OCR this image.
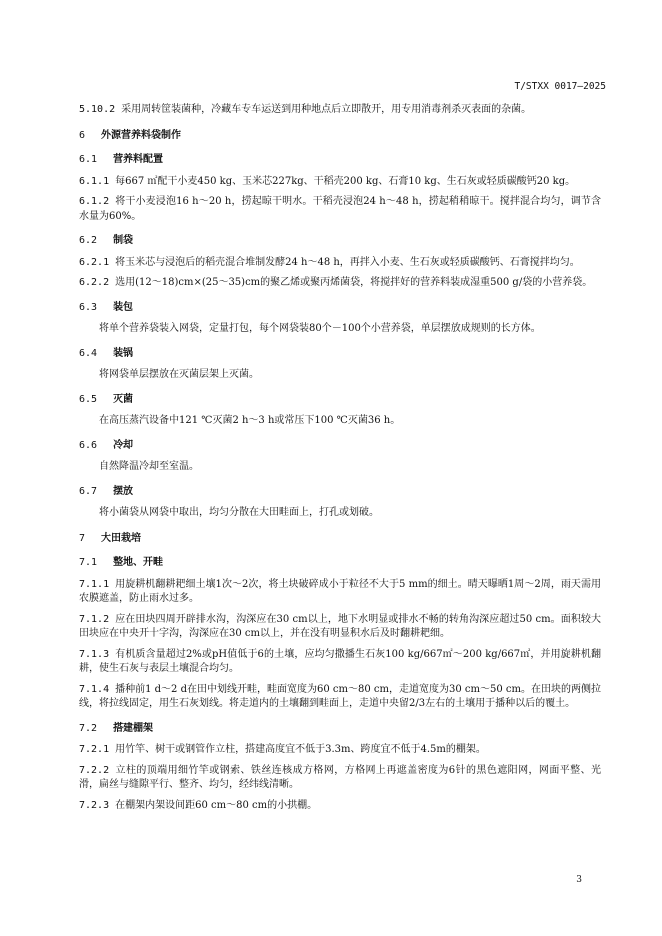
T/STXX 0017—2025
5.10.2 采用周转筐装菌种，冷藏车专车运送到用种地点后立即散开，用专用消毒剂杀灭表面的杂菌。
6 外源营养料袋制作
6.1 营养料配置
6.1.1 每667 ㎡配干小麦450 kg、玉米芯227kg、干稻壳200 kg、石膏10 kg、生石灰或轻质碳酸钙20 kg。
6.1.2 将干小麦浸泡16 h～20 h，捞起晾干明水。干稻壳浸泡24 h～48 h，捞起稍稍晾干。搅拌混合均匀，调节含水量为60%。
6.2 制袋
6.2.1 将玉米芯与浸泡后的稻壳混合堆制发酵24 h～48 h，再拌入小麦、生石灰或轻质碳酸钙、石膏搅拌均匀。
6.2.2 选用(12～18)cm×(25～35)cm的聚乙烯或聚丙烯菌袋，将搅拌好的营养料装成湿重500 g/袋的小营养袋。
6.3 装包
将单个营养袋装入网袋，定量打包，每个网袋装80个－100个小营养袋，单层摆放成规则的长方体。
6.4 装锅
将网袋单层摆放在灭菌层架上灭菌。
6.5 灭菌
在高压蒸汽设备中121 ℃灭菌2 h～3 h或常压下100 ℃灭菌36 h。
6.6 冷却
自然降温冷却至室温。
6.7 摆放
将小菌袋从网袋中取出，均匀分散在大田畦面上，打孔或划破。
7 大田栽培
7.1 整地、开畦
7.1.1 用旋耕机翻耕耙细土壤1次～2次，将土块破碎成小于粒径不大于5 mm的细土。晴天曝晒1周～2周，雨天需用农膜遮盖，防止雨水过多。
7.1.2 应在田块四周开辟排水沟，沟深应在30 cm以上，地下水明显或排水不畅的转角沟深应超过50 cm。面积较大田块应在中央开十字沟，沟深应在30 cm以上，并在没有明显积水后及时翻耕耙细。
7.1.3 有机质含量超过2%或pH值低于6的土壤，应均匀撒播生石灰100 kg/667㎡～200 kg/667㎡，并用旋耕机翻耕，使生石灰与表层土壤混合均匀。
7.1.4 播种前1 d～2 d在田中划线开畦，畦面宽度为60 cm～80 cm，走道宽度为30 cm～50 cm。在田块的两侧拉线，将拉线固定，用生石灰划线。将走道内的土壤翻到畦面上，走道中央留2/3左右的土壤用于播种以后的覆土。
7.2 搭建棚架
7.2.1 用竹竿、树干或钢管作立柱，搭建高度宜不低于3.3m、跨度宜不低于4.5m的棚架。
7.2.2 立柱的顶端用细竹竿或钢索、铁丝连核成方格网，方格网上再遮盖密度为6针的黑色遮阳网，网面平整、光滑，扁丝与缝隙平行、整齐、均匀，经纬线清晰。
7.2.3 在棚架内架设间距60 cm～80 cm的小拱棚。
3
